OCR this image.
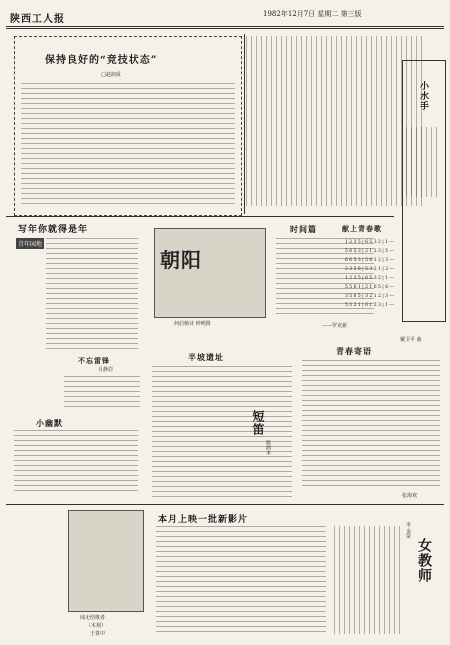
陕西工人报	1982年12月7日 星期二 第三版
保持良好的“竞技状态”
□赵润成
小水手
写年你就得是年
青年园地
朝阳
何启植诗 钟明摄
时间篇
——罗克新
献上青春歌
1 2 3 5 | 6 5 3 2 | 1 —
5 6 5 3 | 2 1 2 3 | 5 —
6 6 5 3 | 5 6 1 2 | 3 —
2 3 5 6 | 5 3 2 1 | 2 —
1 2 3 5 | 6 5 3 2 | 1 —
5 5 6 1 | 2 1 6 5 | 6 —
3 5 6 5 | 3 2 1 2 | 3 —
5 3 2 1 | 6 1 2 3 | 1 —
戴卫平 曲
不忘雷锋
月静岩
小幽默
半坡遗址
短笛
陈润本
青春寄语
张海欢
闻无结歌者
（木刻）
于贯中
本月上映一批新影片
女教师
李 金荣
